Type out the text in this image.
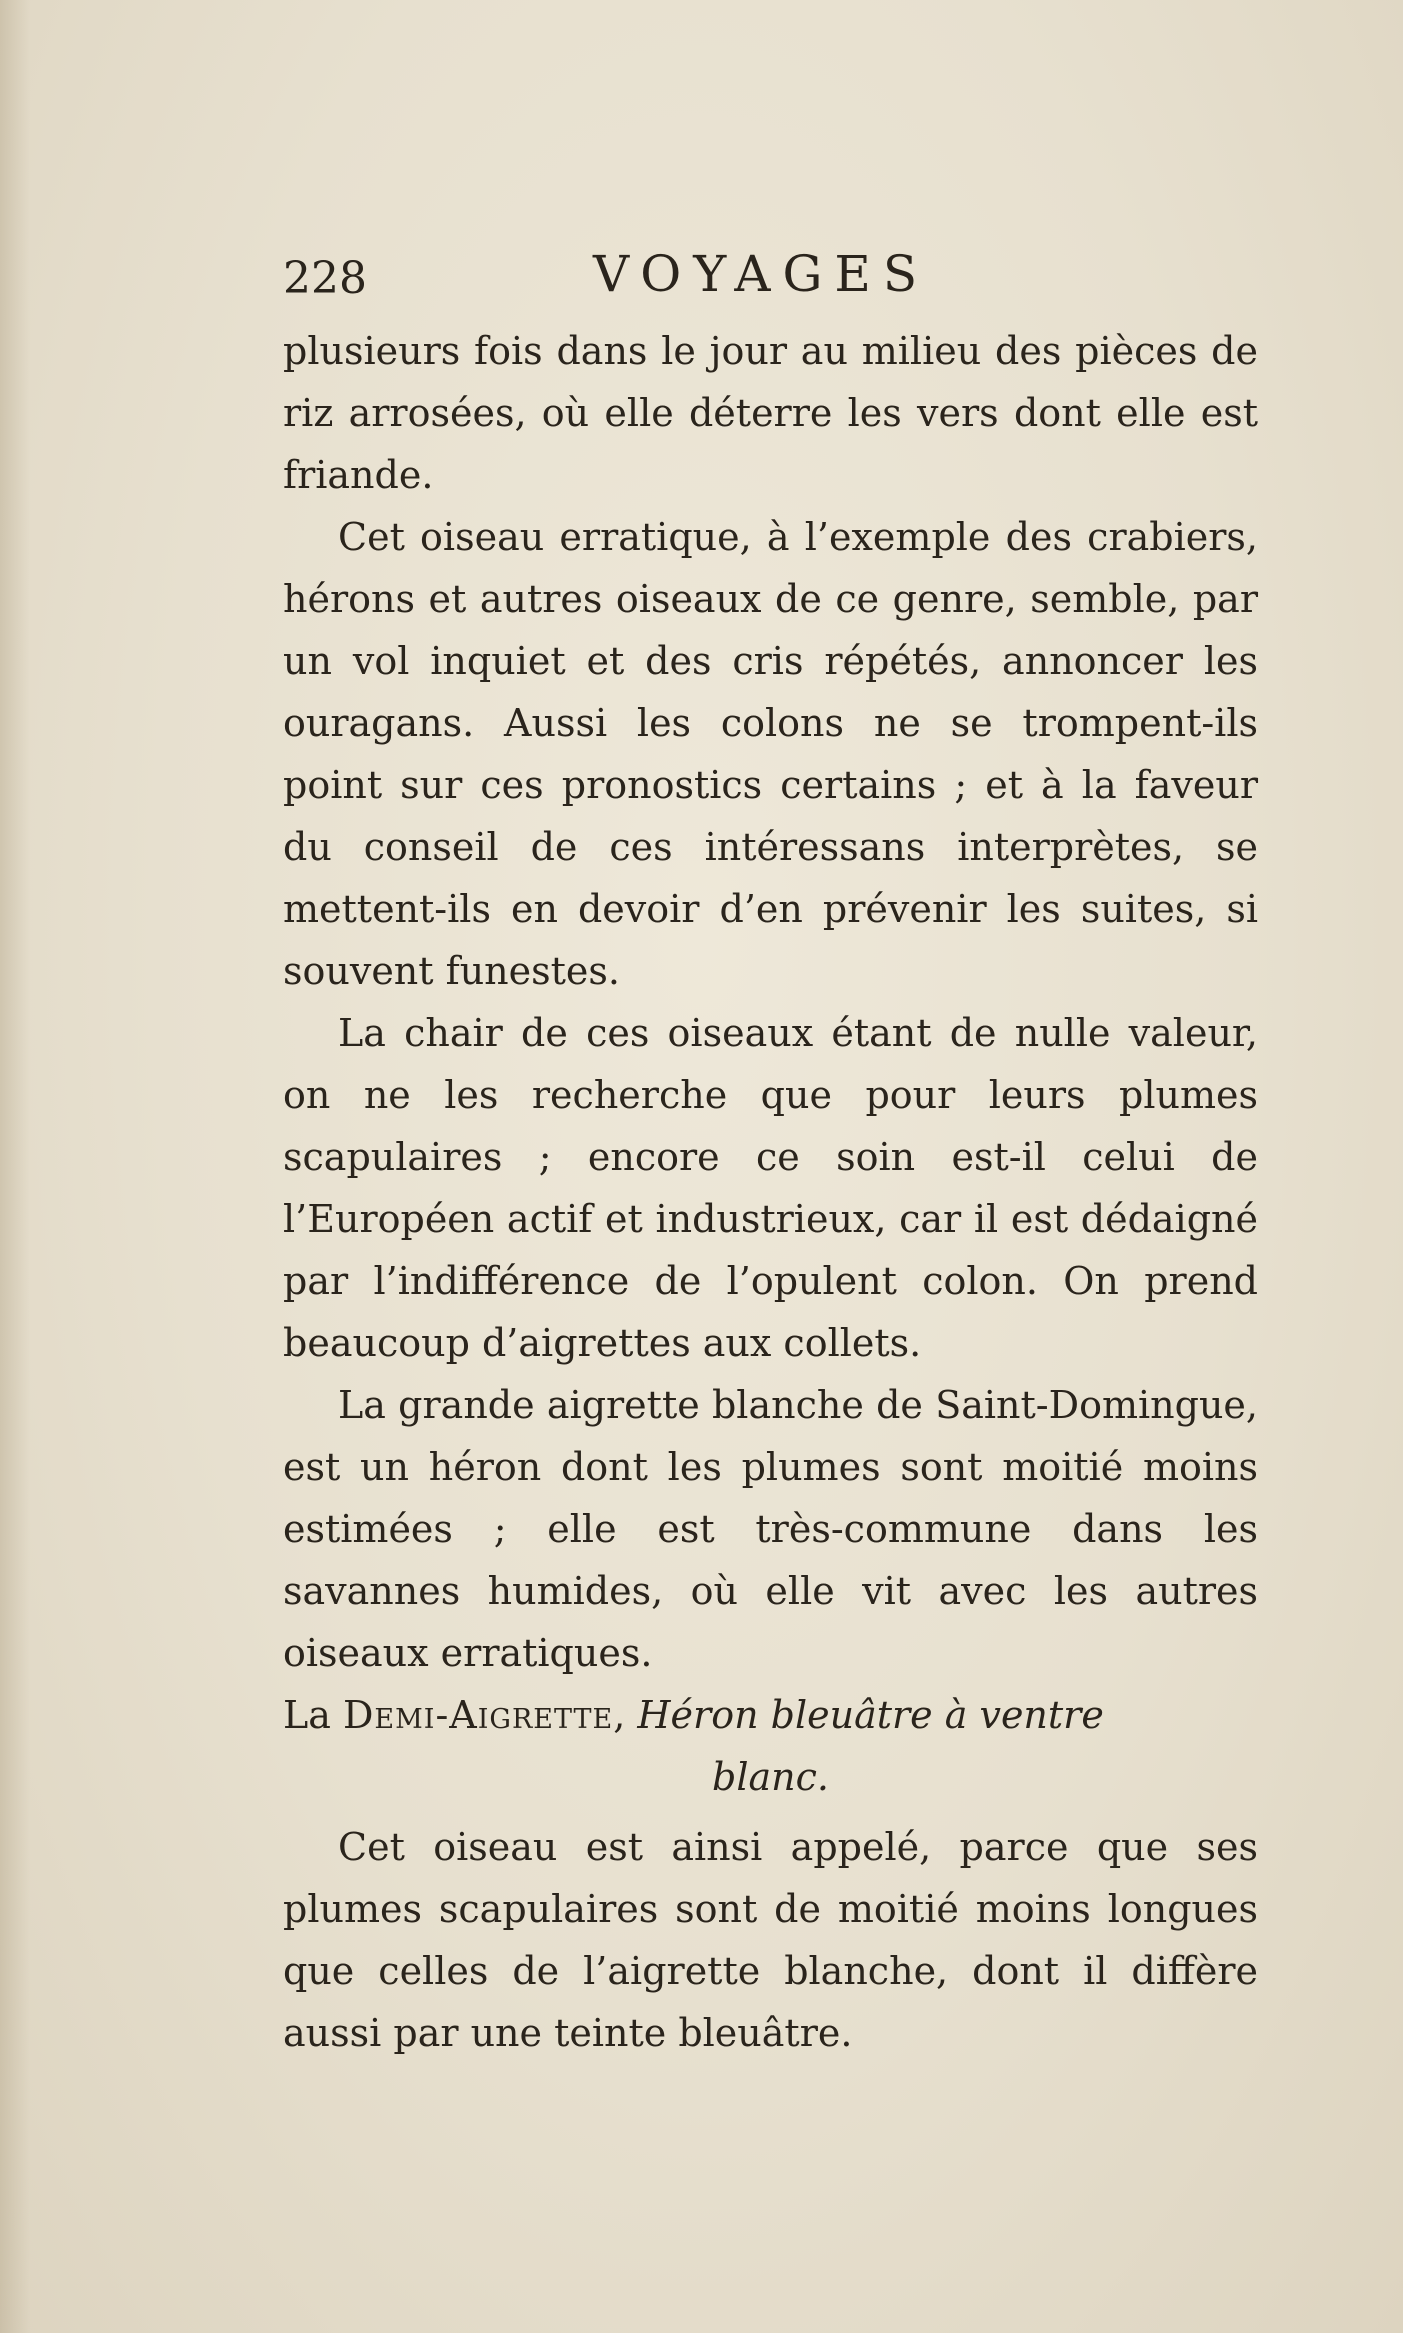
228	VOYAGES

plusieurs fois dans le jour au milieu des pièces de riz arrosées, où elle déterre les vers dont elle est friande.

Cet oiseau erratique, à l’exemple des crabiers, hérons et autres oiseaux de ce genre, semble, par un vol inquiet et des cris répétés, annoncer les ouragans. Aussi les colons ne se trompent-ils point sur ces pronostics certains ; et à la faveur du conseil de ces intéressans interprètes, se mettent-ils en devoir d’en prévenir les suites, si souvent funestes.

La chair de ces oiseaux étant de nulle valeur, on ne les recherche que pour leurs plumes scapulaires ; encore ce soin est-il celui de l’Européen actif et industrieux, car il est dédaigné par l’indifférence de l’opulent colon. On prend beaucoup d’aigrettes aux collets.

La grande aigrette blanche de Saint-Domingue, est un héron dont les plumes sont moitié moins estimées ; elle est très-commune dans les savannes humides, où elle vit avec les autres oiseaux erratiques.

La Demi-Aigrette, Héron bleuâtre à ventre

blanc.

Cet oiseau est ainsi appelé, parce que ses plumes scapulaires sont de moitié moins longues que celles de l’aigrette blanche, dont il diffère aussi par une teinte bleuâtre.
